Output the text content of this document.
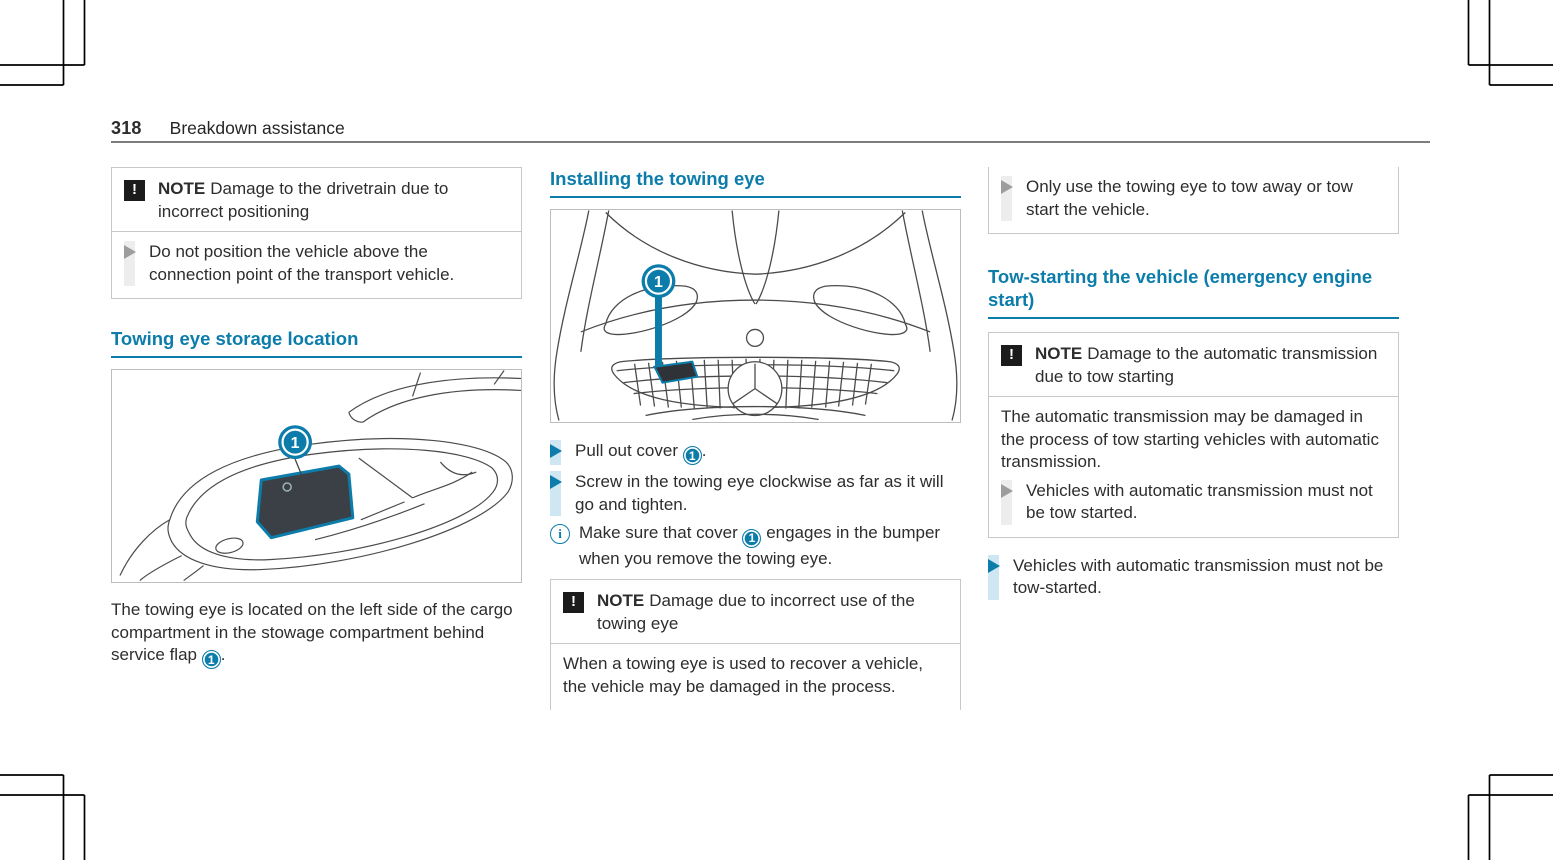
318 Breakdown assistance
!	NOTE Damage to the drivetrain due to incorrect positioning
Do not position the vehicle above the connection point of the transport vehicle.
Towing eye storage location
1

The towing eye is located on the left side of the cargo compartment in the stowage compartment behind service flap 1 .

Installing the towing eye
1
Pull out cover 1 .
Screw in the towing eye clockwise as far as it will go and tighten.
i	Make sure that cover 1 engages in the bumper when you remove the towing eye.
!	NOTE Damage due to incorrect use of the towing eye

When a towing eye is used to recover a vehicle, the vehicle may be damaged in the process.

Only use the towing eye to tow away or tow start the vehicle.
Tow-starting the vehicle (emergency engine start)
!	NOTE Damage to the automatic transmission due to tow starting

The automatic transmission may be damaged in the process of tow starting vehicles with automatic transmission.

Vehicles with automatic transmission must not be tow started.
Vehicles with automatic transmission must not be tow-started.
